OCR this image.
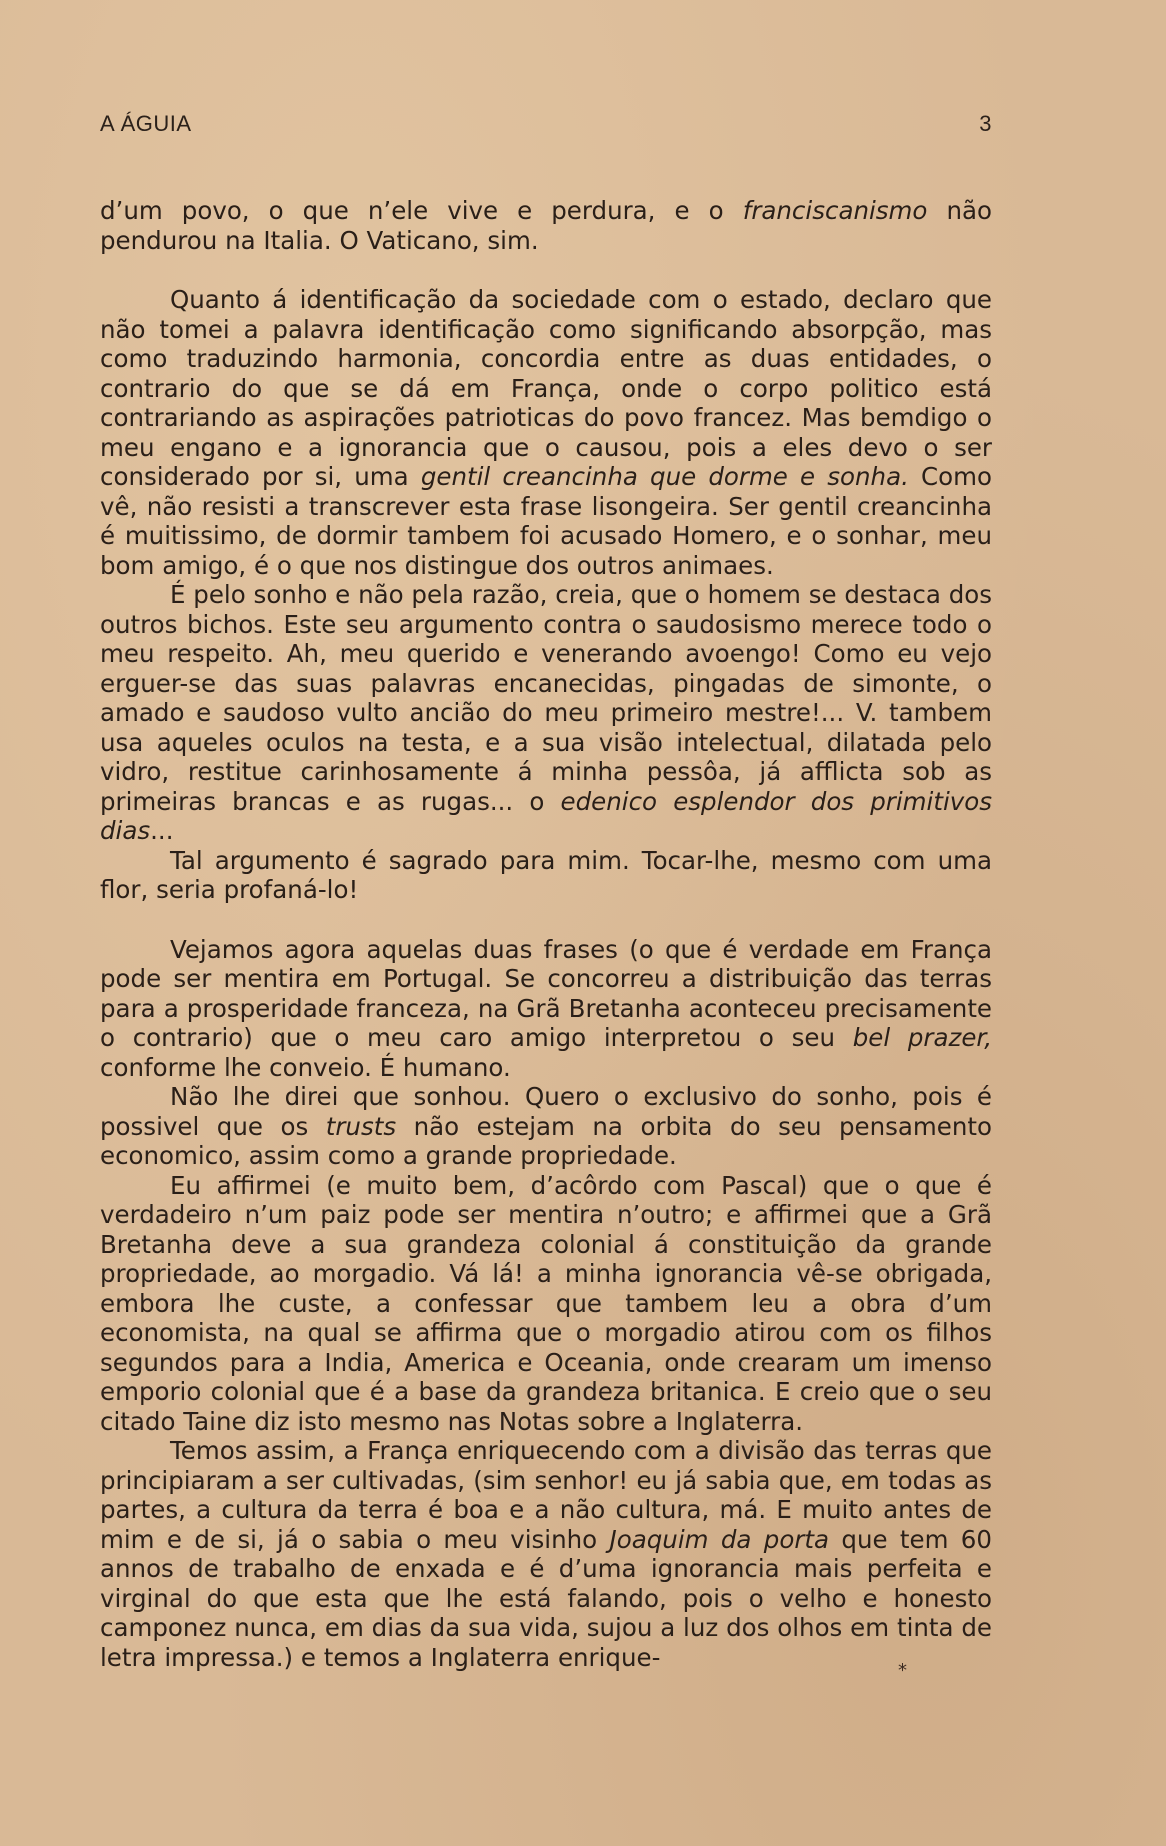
A ÁGUIA	3

d’um povo, o que n’ele vive e perdura, e o franciscanismo não pendurou na Italia. O Vaticano, sim.

Quanto á identificação da sociedade com o estado, declaro que não tomei a palavra identificação como significando absorpção, mas como traduzindo harmonia, concordia entre as duas entidades, o contrario do que se dá em França, onde o corpo politico está contrariando as aspirações patrioticas do povo francez. Mas bemdigo o meu engano e a ignorancia que o causou, pois a eles devo o ser considerado por si, uma gentil creancinha que dorme e sonha. Como vê, não resisti a transcrever esta frase lisongeira. Ser gentil creancinha é muitissimo, de dormir tambem foi acusado Homero, e o sonhar, meu bom amigo, é o que nos distingue dos outros animaes.

É pelo sonho e não pela razão, creia, que o homem se destaca dos outros bichos. Este seu argumento contra o saudosismo merece todo o meu respeito. Ah, meu querido e venerando avoengo! Como eu vejo erguer-se das suas palavras encanecidas, pingadas de simonte, o amado e saudoso vulto ancião do meu primeiro mestre!... V. tambem usa aqueles oculos na testa, e a sua visão intelectual, dilatada pelo vidro, restitue carinhosamente á minha pessôa, já afflicta sob as primeiras brancas e as rugas... o edenico esplendor dos primitivos dias...

Tal argumento é sagrado para mim. Tocar-lhe, mesmo com uma flor, seria profaná-lo!

Vejamos agora aquelas duas frases (o que é verdade em França pode ser mentira em Portugal. Se concorreu a distribuição das terras para a prosperidade franceza, na Grã Bretanha aconteceu precisamente o contrario) que o meu caro amigo interpretou o seu bel prazer, conforme lhe conveio. É humano.

Não lhe direi que sonhou. Quero o exclusivo do sonho, pois é possivel que os trusts não estejam na orbita do seu pensamento economico, assim como a grande propriedade.

Eu affirmei (e muito bem, d’acôrdo com Pascal) que o que é verdadeiro n’um paiz pode ser mentira n’outro; e affirmei que a Grã Bretanha deve a sua grandeza colonial á constituição da grande propriedade, ao morgadio. Vá lá! a minha ignorancia vê-se obrigada, embora lhe custe, a confessar que tambem leu a obra d’um economista, na qual se affirma que o morgadio atirou com os filhos segundos para a India, America e Oceania, onde crearam um imenso emporio colonial que é a base da grandeza britanica. E creio que o seu citado Taine diz isto mesmo nas Notas sobre a Inglaterra.

Temos assim, a França enriquecendo com a divisão das terras que principiaram a ser cultivadas, (sim senhor! eu já sabia que, em todas as partes, a cultura da terra é boa e a não cultura, má. E muito antes de mim e de si, já o sabia o meu visinho Joaquim da porta que tem 60 annos de trabalho de enxada e é d’uma ignorancia mais perfeita e virginal do que esta que lhe está falando, pois o velho e honesto camponez nunca, em dias da sua vida, sujou a luz dos olhos em tinta de letra impressa.) e temos a Inglaterra enrique-	*
